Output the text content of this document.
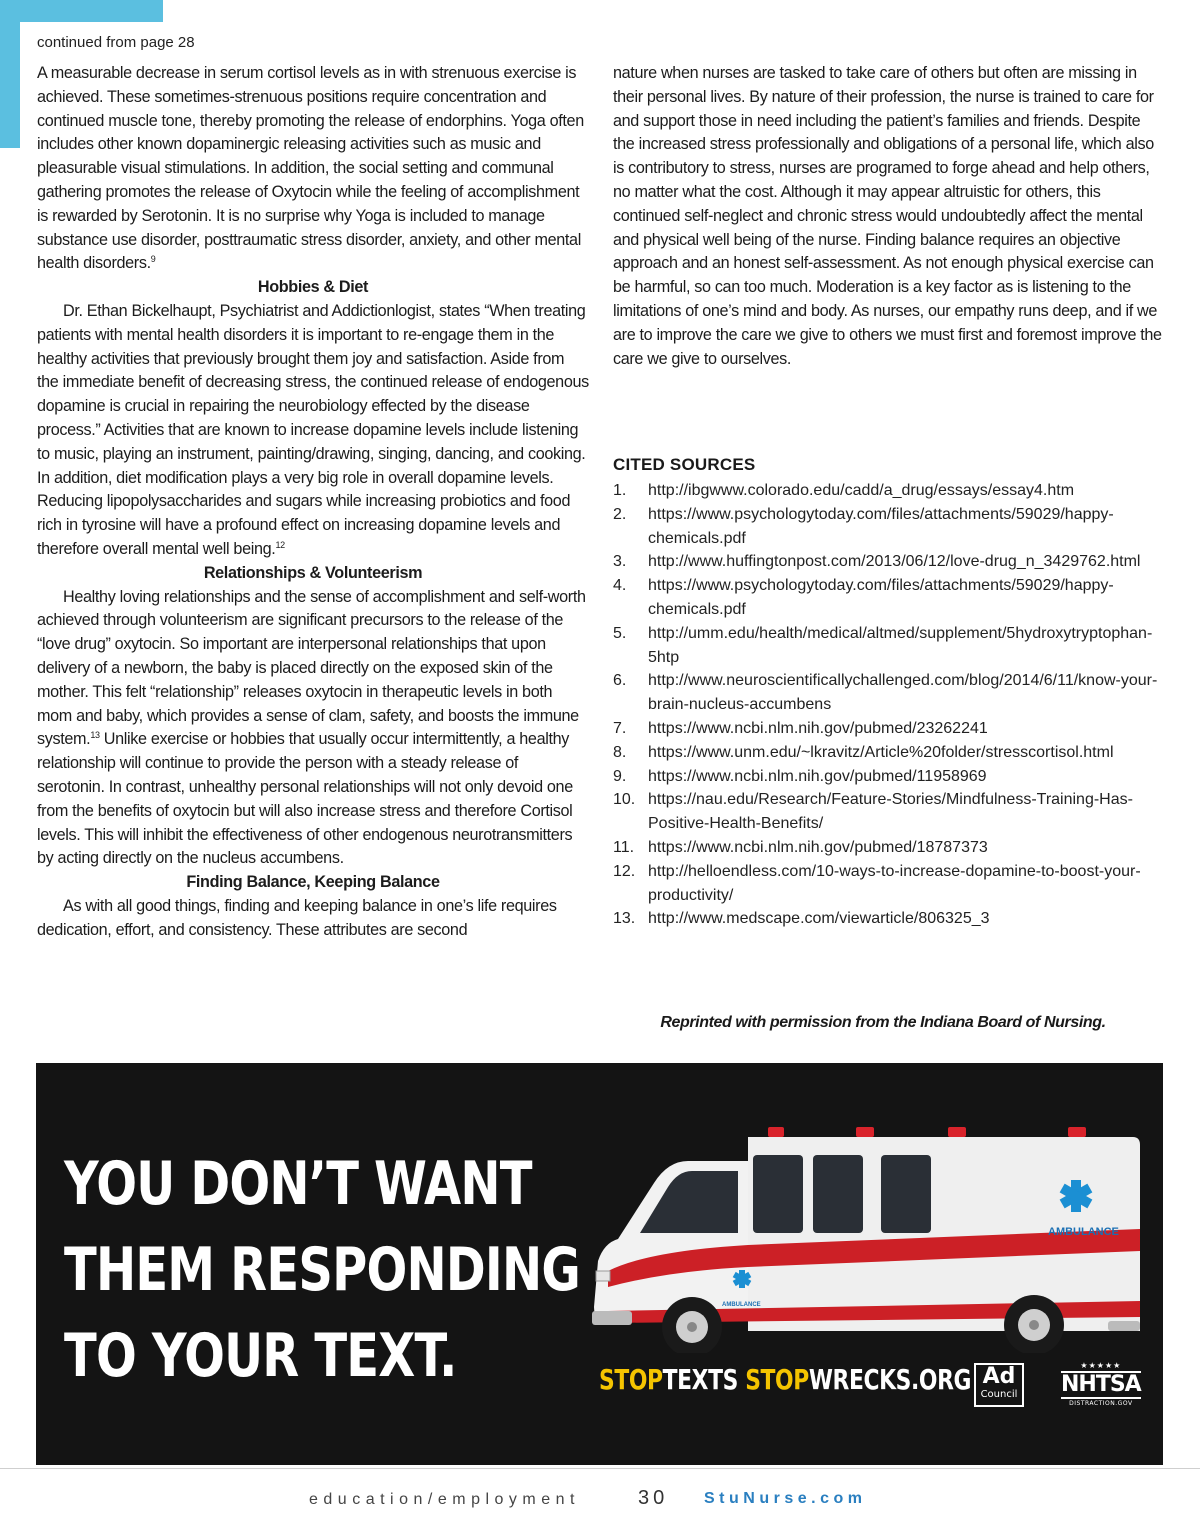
continued from page 28

A measurable decrease in serum cortisol levels as in with strenuous exercise is achieved. These sometimes-strenuous positions require concentration and continued muscle tone, thereby promoting the release of endorphins. Yoga often includes other known dopaminergic releasing activities such as music and pleasurable visual stimulations. In addition, the social setting and communal gathering promotes the release of Oxytocin while the feeling of accomplishment is rewarded by Serotonin. It is no surprise why Yoga is included to manage substance use disorder, posttraumatic stress disorder, anxiety, and other mental health disorders.$^9$

Hobbies & Diet

Dr. Ethan Bickelhaupt, Psychiatrist and Addictionlogist, states “When treating patients with mental health disorders it is important to re-engage them in the healthy activities that previously brought them joy and satisfaction. Aside from the immediate benefit of decreasing stress, the continued release of endogenous dopamine is crucial in repairing the neurobiology effected by the disease process.” Activities that are known to increase dopamine levels include listening to music, playing an instrument, painting/drawing, singing, dancing, and cooking. In addition, diet modification plays a very big role in overall dopamine levels. Reducing lipopolysaccharides and sugars while increasing probiotics and food rich in tyrosine will have a profound effect on increasing dopamine levels and therefore overall mental well being.$^{12}$

Relationships & Volunteerism

Healthy loving relationships and the sense of accomplishment and self-worth achieved through volunteerism are significant precursors to the release of the “love drug” oxytocin. So important are interpersonal relationships that upon delivery of a newborn, the baby is placed directly on the exposed skin of the mother. This felt “relationship” releases oxytocin in therapeutic levels in both mom and baby, which provides a sense of clam, safety, and boosts the immune system.$^{13}$ Unlike exercise or hobbies that usually occur intermittently, a healthy relationship will continue to provide the person with a steady release of serotonin. In contrast, unhealthy personal relationships will not only devoid one from the benefits of oxytocin but will also increase stress and therefore Cortisol levels. This will inhibit the effectiveness of other endogenous neurotransmitters by acting directly on the nucleus accumbens.

Finding Balance, Keeping Balance

As with all good things, finding and keeping balance in one’s life requires dedication, effort, and consistency. These attributes are second

nature when nurses are tasked to take care of others but often are missing in their personal lives. By nature of their profession, the nurse is trained to care for and support those in need including the patient’s families and friends. Despite the increased stress professionally and obligations of a personal life, which also is contributory to stress, nurses are programed to forge ahead and help others, no matter what the cost. Although it may appear altruistic for others, this continued self-neglect and chronic stress would undoubtedly affect the mental and physical well being of the nurse. Finding balance requires an objective approach and an honest self-assessment. As not enough physical exercise can be harmful, so can too much. Moderation is a key factor as is listening to the limitations of one’s mind and body. As nurses, our empathy runs deep, and if we are to improve the care we give to others we must first and foremost improve the care we give to ourselves.

CITED SOURCES
1.	http://ibgwww.colorado.edu/cadd/a_drug/essays/essay4.htm
2.	https://www.psychologytoday.com/files/attachments/59029/happy-chemicals.pdf
3.	http://www.huffingtonpost.com/2013/06/12/love-drug_n_3429762.html
4.	https://www.psychologytoday.com/files/attachments/59029/happy-chemicals.pdf
5.	http://umm.edu/health/medical/altmed/supplement/5hydroxytryptophan-5htp
6.	http://www.neuroscientificallychallenged.com/blog/2014/6/11/know-your-brain-nucleus-accumbens
7.	https://www.ncbi.nlm.nih.gov/pubmed/23262241
8.	https://www.unm.edu/~lkravitz/Article%20folder/stresscortisol.html
9.	https://www.ncbi.nlm.nih.gov/pubmed/11958969
10. https://nau.edu/Research/Feature-Stories/Mindfulness-Training-Has-Positive-Health-Benefits/
11. https://www.ncbi.nlm.nih.gov/pubmed/18787373
12. http://helloendless.com/10-ways-to-increase-dopamine-to-boost-your-productivity/
13. http://www.medscape.com/viewarticle/806325_3
Reprinted with permission from the Indiana Board of Nursing.
YOU DON’T WANT
THEM RESPONDING
TO YOUR TEXT.
AMBULANCE
AMBULANCE
STOPTEXTS STOPWRECKS.ORG Ad
Council
★★★★★
NHTSA
DISTRACTION.GOV
education/employment	30 StuNurse.com
